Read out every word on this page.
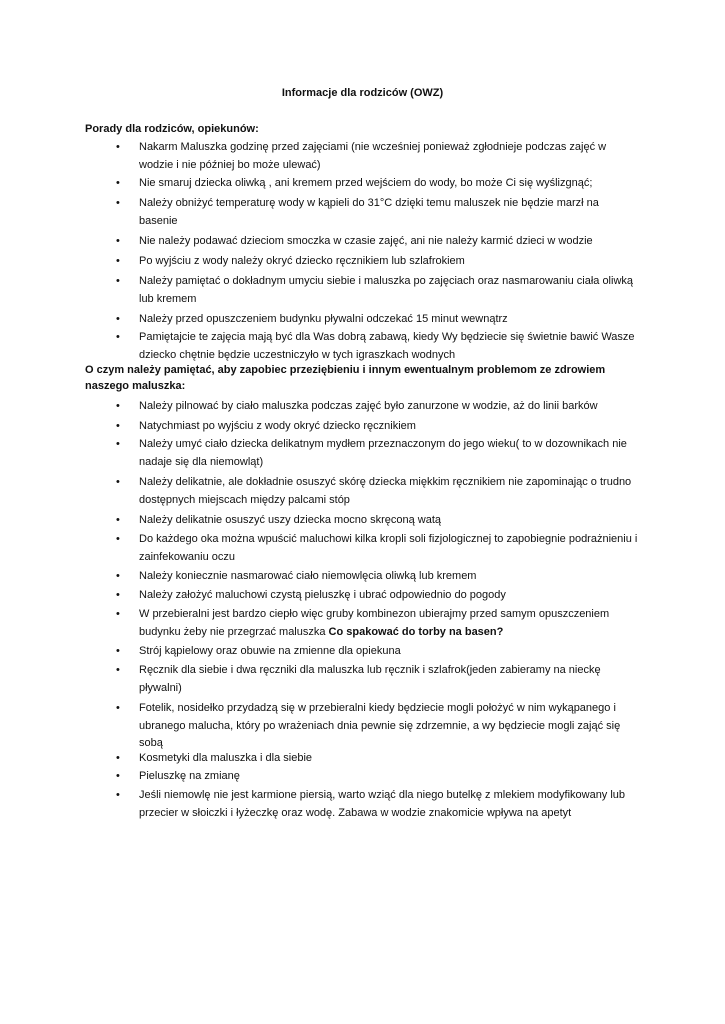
Informacje dla rodziców (OWZ)
Porady dla rodziców, opiekunów:
• Nakarm Maluszka godzinę przed zajęciami (nie wcześniej ponieważ zgłodnieje podczas zajęć w wodzie i nie później bo może ulewać)
• Nie smaruj dziecka oliwką , ani kremem przed wejściem do wody, bo może Ci się wyślizgnąć;
• Należy obniżyć temperaturę wody w kąpieli do 31°C dzięki temu maluszek nie będzie marzł na basenie
• Nie należy podawać dzieciom smoczka w czasie zajęć, ani nie należy karmić dzieci w wodzie
• Po wyjściu z wody należy okryć dziecko ręcznikiem lub szlafrokiem
• Należy pamiętać o dokładnym umyciu siebie i maluszka po zajęciach oraz nasmarowaniu ciała oliwką lub kremem
• Należy przed opuszczeniem budynku pływalni odczekać 15 minut wewnątrz
• Pamiętajcie te zajęcia mają być dla Was dobrą zabawą, kiedy Wy będziecie się świetnie bawić Wasze dziecko chętnie będzie uczestniczyło w tych igraszkach wodnych
O czym należy pamiętać, aby zapobiec przeziębieniu i innym ewentualnym problemom ze zdrowiem naszego maluszka:
• Należy pilnować by ciało maluszka podczas zajęć było zanurzone w wodzie, aż do linii barków
• Natychmiast po wyjściu z wody okryć dziecko ręcznikiem
• Należy umyć ciało dziecka delikatnym mydłem przeznaczonym do jego wieku( to w dozownikach nie nadaje się dla niemowląt)
• Należy delikatnie, ale dokładnie osuszyć skórę dziecka miękkim ręcznikiem nie zapominając o trudno dostępnych miejscach między palcami stóp
• Należy delikatnie osuszyć uszy dziecka mocno skręconą watą
• Do każdego oka można wpuścić maluchowi kilka kropli soli fizjologicznej to zapobiegnie podrażnieniu i zainfekowaniu oczu
• Należy koniecznie nasmarować ciało niemowlęcia oliwką lub kremem
• Należy założyć maluchowi czystą pieluszkę i ubrać odpowiednio do pogody
• W przebieralni jest bardzo ciepło więc gruby kombinezon ubierajmy przed samym opuszczeniem budynku żeby nie przegrzać maluszka Co spakować do torby na basen?
• Strój kąpielowy oraz obuwie na zmienne dla opiekuna
• Ręcznik dla siebie i dwa ręczniki dla maluszka lub ręcznik i szlafrok(jeden zabieramy na nieckę pływalni)
• Fotelik, nosidełko przydadzą się w przebieralni kiedy będziecie mogli położyć w nim wykąpanego i ubranego malucha, który po wrażeniach dnia pewnie się zdrzemnie, a wy będziecie mogli zająć się sobą
• Kosmetyki dla maluszka i dla siebie
• Pieluszkę na zmianę
• Jeśli niemowlę nie jest karmione piersią, warto wziąć dla niego butelkę z mlekiem modyfikowany lub przecier w słoiczki i łyżeczkę oraz wodę. Zabawa w wodzie znakomicie wpływa na apetyt
